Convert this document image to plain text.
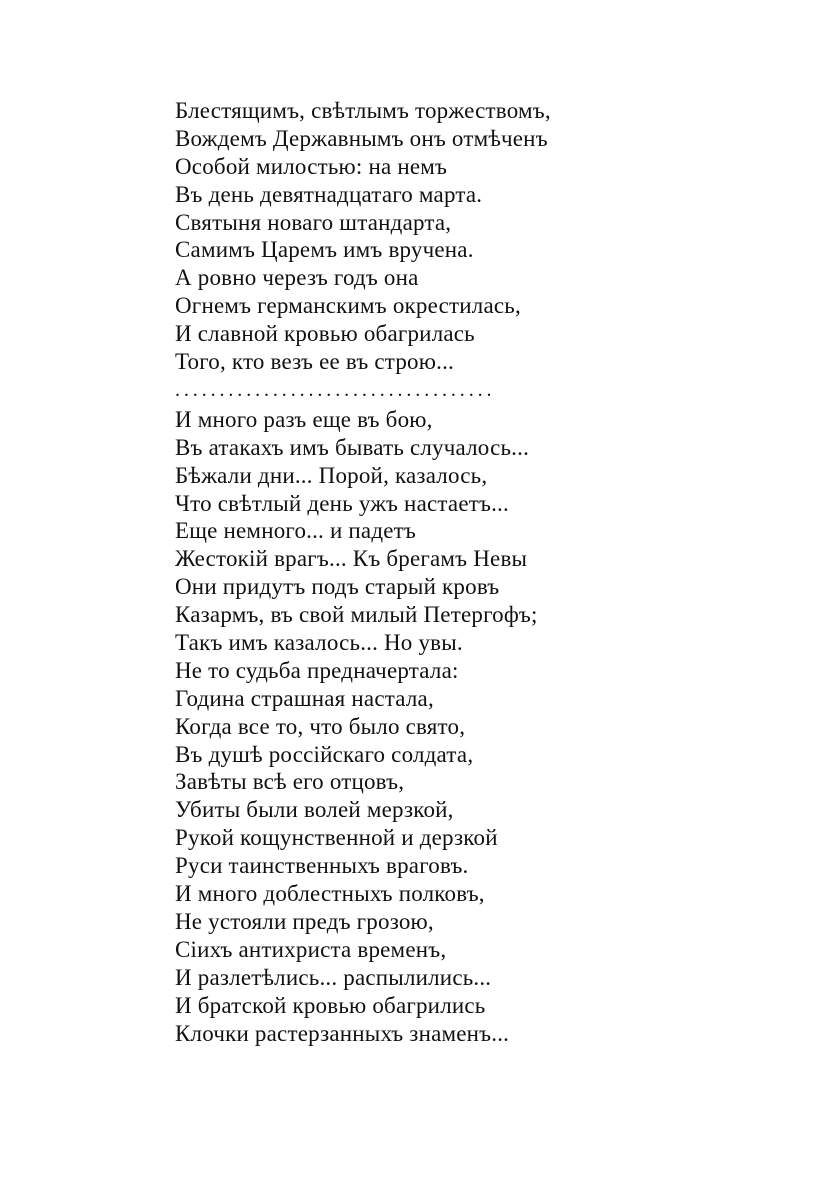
Блестящимъ, свѣтлымъ торжествомъ,
Вождемъ Державнымъ онъ отмѣченъ
Особой милостью: на немъ
Въ день девятнадцатаго марта.
Святыня новаго штандарта,
Самимъ Царемъ имъ вручена.
А ровно черезъ годъ она
Огнемъ германскимъ окрестилась,
И славной кровью обагрилась
Того, кто везъ ее въ строю...
....................................
И много разъ еще въ бою,
Въ атакахъ имъ бывать случалось...
Бѣжали дни... Порой, казалось,
Что свѣтлый день ужъ настаетъ...
Еще немного... и падетъ
Жестокій врагъ... Къ брегамъ Невы
Они придутъ подъ старый кровъ
Казармъ, въ свой милый Петергофъ;
Такъ имъ казалось... Но увы.
Не то судьба предначертала:
Година страшная настала,
Когда все то, что было свято,
Въ душѣ россійскаго солдата,
Завѣты всѣ его отцовъ,
Убиты были волей мерзкой,
Рукой кощунственной и дерзкой
Руси таинственныхъ враговъ.
И много доблестныхъ полковъ,
Не устояли предъ грозою,
Сіихъ антихриста временъ,
И разлетѣлись... распылились...
И братской кровью обагрились
Клочки растерзанныхъ знаменъ...
